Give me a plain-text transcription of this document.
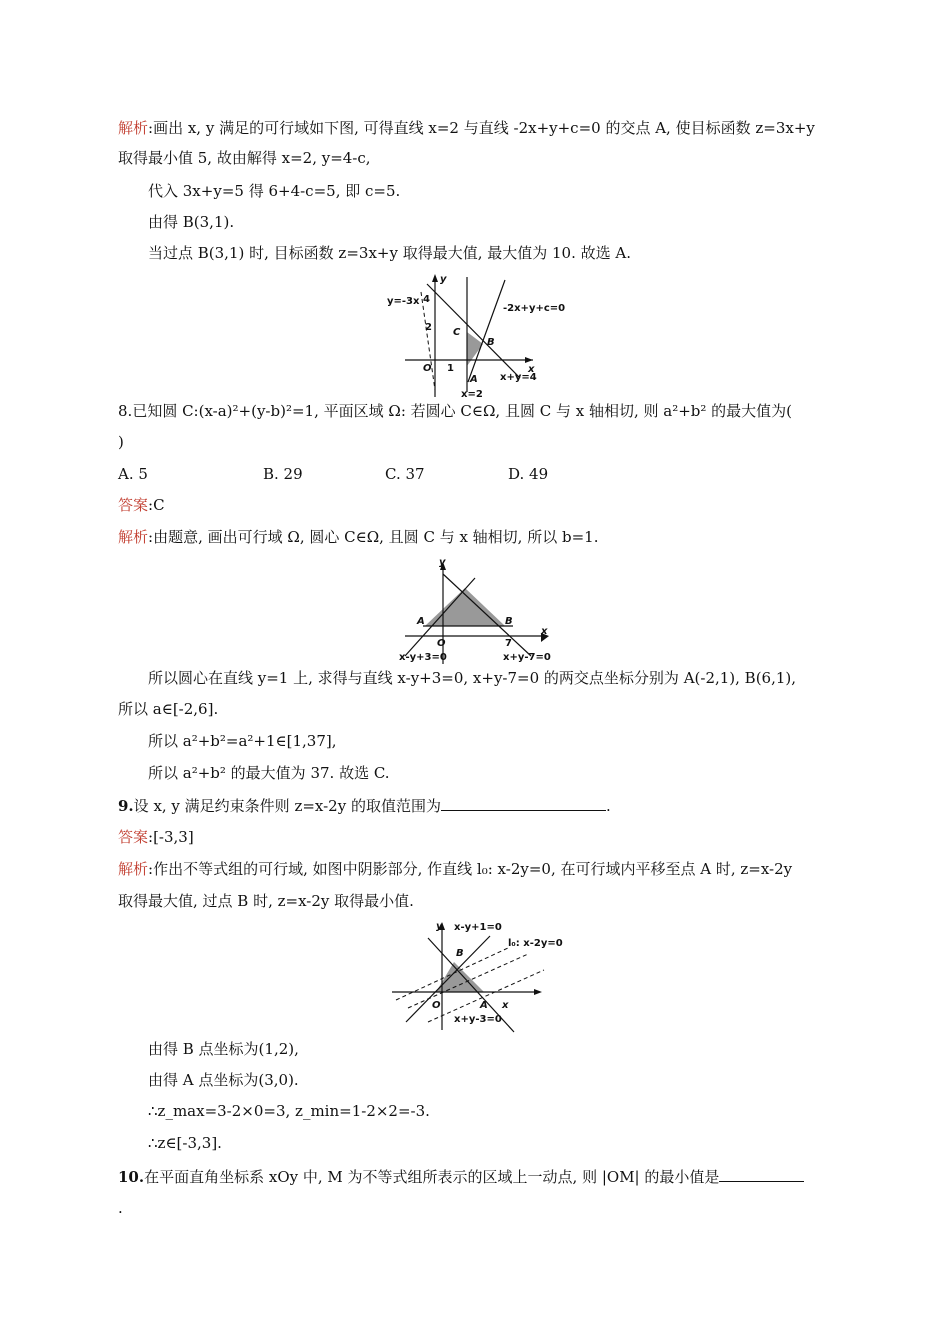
解析:画出 x, y 满足的可行域如下图, 可得直线 x=2 与直线 -2x+y+c=0 的交点 A, 使目标函数 z=3x+y
取得最小值 5, 故由解得 x=2, y=4-c,
代入 3x+y=5 得 6+4-c=5, 即 c=5.
由得 B(3,1).
当过点 B(3,1) 时, 目标函数 z=3x+y 取得最大值, 最大值为 10. 故选 A.
y
y=-3x 4
2 C
-2x+y+c=0
B
O 1
A
x
x+y=4
x=2
8.已知圆 C:(x-a)²+(y-b)²=1, 平面区域 Ω: 若圆心 C∈Ω, 且圆 C 与 x 轴相切, 则 a²+b² 的最大值为(
)
A. 5	B. 29	C. 37	D. 49
答案:C
解析:由题意, 画出可行域 Ω, 圆心 C∈Ω, 且圆 C 与 x 轴相切, 所以 b=1.
y
A	B
O	7
x
x-y+3=0	x+y-7=0
所以圆心在直线 y=1 上, 求得与直线 x-y+3=0, x+y-7=0 的两交点坐标分别为 A(-2,1), B(6,1),
所以 a∈[-2,6].
所以 a²+b²=a²+1∈[1,37],
所以 a²+b² 的最大值为 37. 故选 C.
9.设 x, y 满足约束条件则 z=x-2y 的取值范围为	.
答案:[-3,3]
解析:作出不等式组的可行域, 如图中阴影部分, 作直线 l₀: x-2y=0, 在可行域内平移至点 A 时, z=x-2y
取得最大值, 过点 B 时, z=x-2y 取得最小值.
y x-y+1=0
l₀: x-2y=0
B
O	A x
x+y-3=0
由得 B 点坐标为(1,2),
由得 A 点坐标为(3,0).
∴z_max=3-2×0=3, z_min=1-2×2=-3.
∴z∈[-3,3].
10.在平面直角坐标系 xOy 中, M 为不等式组所表示的区域上一动点, 则 |OM| 的最小值是
.
